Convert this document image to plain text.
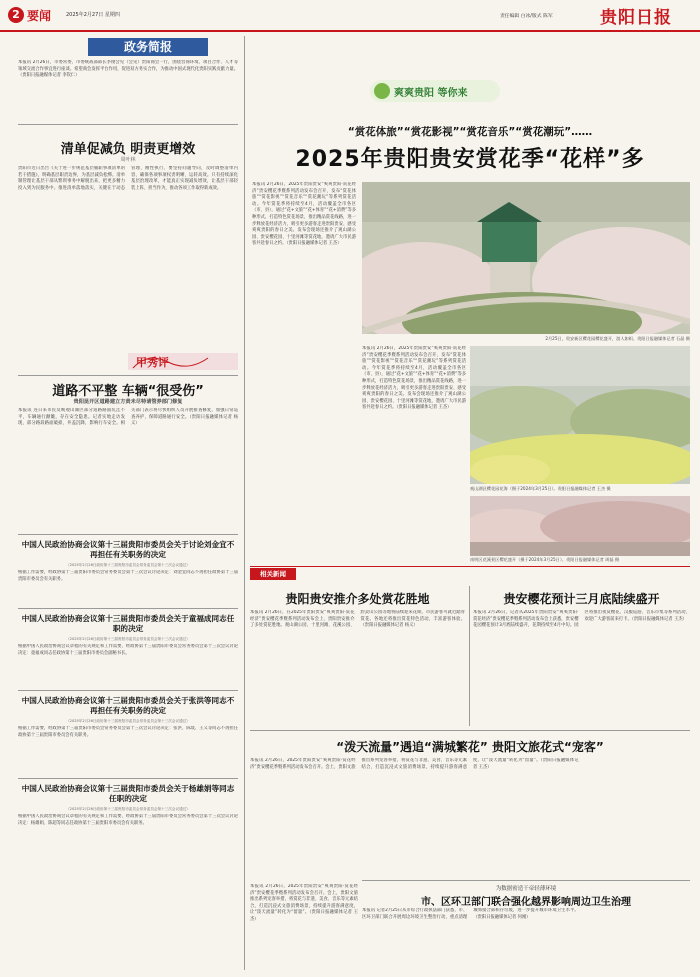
2 要闻	2025年2月27日 星期四	责任编辑 白冰/版式 陈军	贵阳日报
政务简报
本报讯 2月26日，市委常委、市委统战部部长李俊会见（会见）贵阳商会一行，围绕营商环境、项目合作、人才等领域交流合作事宜进行座谈。希望商会发挥平台作用，促进双方务实合作，为推动中国式现代化贵阳实践贡献力量。（贵阳日报融媒体记者 李钦仁）
清单促减负 明责更增效
周叶林
贵阳市近日出台《关于进一步规范基层履职事项清单的若干措施》，明确基层职责边界，为基层减负松绑。清单制管理让基层干部从繁琐事务中解脱出来，把更多精力投入到为民服务中。推进清单落地落实，关键在于动态管理、刚性执行，要坚持问题导向，及时调整清单内容，确保各项事项权责明晰、运转高效。只有持续深化基层治理改革，才能真正实现减负增效，让基层干部轻装上阵、担当作为，推动各项工作取得新成效。
甲秀评
道路不平整 车辆“很受伤”
贵阳昆开区道路建立方责未尽特请管养部门修复
本报讯 连日来市民反映观山湖区部分道路路面坑洼不平，车辆通行颠簸，存在安全隐患。记者实地走访发现，部分路段路面破损、井盖沉降，影响行车安全。相关部门表示将尽快组织人员开展排查修复，加强日常巡查养护，保障道路通行安全。（贵阳日报融媒体记者 杨义）
中国人民政治协商会议第十三届贵阳市委员会关于讨论刘金宜不再担任有关职务的决定
（2025年2月26日政协第十三届贵阳市委员会常务委员会第十三次会议通过）
根据工作需要，经政协第十三届贵阳市委员会常务委员会第十三次会议讨论决定：刘金宜同志不再担任政协第十三届贵阳市委员会有关职务。
中国人民政治协商会议第十三届贵阳市委员会关于童福成同志任职的决定
（2025年2月26日政协第十三届贵阳市委员会常务委员会第十三次会议通过）
根据中国人民政治协商会议章程的有关规定和工作需要，经政协第十三届贵阳市委员会常务委员会第十三次会议讨论决定：童福成同志任政协第十三届贵阳市委员会副秘书长。
中国人民政治协商会议第十三届贵阳市委员会关于张洪等同志不再担任有关职务的决定
（2025年2月26日政协第十三届贵阳市委员会常务委员会第十三次会议通过）
根据工作需要，经政协第十三届贵阳市委员会常务委员会第十三次会议讨论决定：张洪、陈琰、王义等同志不再担任政协第十三届贵阳市委员会有关职务。
中国人民政治协商会议第十三届贵阳市委员会关于杨雄娟等同志任职的决定
（2025年2月26日政协第十三届贵阳市委员会常务委员会第十三次会议通过）
根据中国人民政治协商会议章程的有关规定和工作需要，经政协第十三届贵阳市委员会常务委员会第十三次会议讨论决定：杨雄娟、陈超等同志任政协第十三届贵阳市委员会有关职务。
爽爽贵阳 等你来
“赏花体旅”“赏花影视”“赏花音乐”“赏花潮玩”……
2025年贵阳贵安赏花季“花样”多
本报讯 2月26日，2025年贵阳贵安“爽爽贵阳·赏花经济”贵安樱花季暨系列活动发布会召开，发布“赏花体旅”“赏花影视”“赏花音乐”“赏花潮玩”等系列赏花活动。今年赏花季将持续至4月，活动覆盖全市各区（市、县），通过“花+文旅”“花+体育”“花+消费”等多种形式，打造特色赏花场景，推出精品赏花线路，进一步释放花经济活力，吸引更多游客走进贵阳贵安、感受爽爽贵阳的春日之美。发布会现场还推介了观山湖公园、贵安樱花园、十里河滩等赏花地，邀请广大市民游客共赴春日之约。（贵阳日报融媒体记者 王杰）
2月25日，贵安新区樱花园樱花盛开，游人如织。贵阳日报融媒体记者 石晶 摄
本报讯 2月26日，2025年贵阳贵安“爽爽贵阳·赏花经济”贵安樱花季暨系列活动发布会召开，发布“赏花体旅”“赏花影视”“赏花音乐”“赏花潮玩”等系列赏花活动。今年赏花季将持续至4月，活动覆盖全市各区（市、县），通过“花+文旅”“花+体育”“花+消费”等多种形式，打造特色赏花场景，推出精品赏花线路，进一步释放花经济活力，吸引更多游客走进贵阳贵安、感受爽爽贵阳的春日之美。发布会现场还推介了观山湖公园、贵安樱花园、十里河滩等赏花地，邀请广大市民游客共赴春日之约。（贵阳日报融媒体记者 王杰）
观山湖区樱花园花海（摄于2024年3月25日）。贵阳日报融媒体记者 王杰 摄
南明区花溪景区樱花盛开（摄于2024年3月25日）。贵阳日报融媒体记者 周磊 摄
相关新闻
贵阳贵安推介多处赏花胜地
本报讯 2月26日，在2025年贵阳贵安“爽爽贵阳·赏花经济”贵安樱花季暨系列活动发布会上，贵阳贵安推介了多处赏花胜地。观山湖公园、十里河滩、花溪公园、黔灵山公园等地将陆续迎来花期，市民游客可就近踏青赏花。各地还将推出赏花特色活动，丰富游客体验。（贵阳日报融媒体记者 杨义）
贵安樱花预计三月底陆续盛开
本报讯 2月26日，记者从2025年贵阳贵安“爽爽贵阳·赏花经济”贵安樱花季暨系列活动发布会上获悉，贵安樱花园樱花预计3月底陆续盛开，花期持续至4月中旬。园区将推出夜赏樱花、汉服巡游、音乐市集等系列活动，欢迎广大游客前来打卡。（贵阳日报融媒体记者 王杰）
“泼天流量”遇追“满城繁花” 贵阳文旅花式“宠客”
本报讯 2月26日，2025年贵阳贵安“爽爽贵阳·赏花经济”贵安樱花季暨系列活动发布会召开。会上，贵阳文旅推出系列宠客举措，将赏花与非遗、美食、音乐等元素结合，打造沉浸式文旅消费场景，持续提升游客满意度，让“泼天流量”转化为“留量”。（贵阳日报融媒体记者 王杰）
本报讯 2月26日，2025年贵阳贵安“爽爽贵阳·赏花经济”贵安樱花季暨系列活动发布会召开。会上，贵阳文旅推出系列宠客举措，将赏花与非遗、美食、音乐等元素结合，打造沉浸式文旅消费场景，持续提升游客满意度，让“泼天流量”转化为“留量”。（贵阳日报融媒体记者 王杰）
为数据密造干帝轻薄环境
市、区环卫部门联合强化越界影响周边卫生治理
本报讯 记者2月25日从市综合行政执法部门获悉，市、区环卫部门联合开展周边环境卫生整治行动，重点清理城郊接合部积存垃圾，进一步提升城市环境卫生水平。（贵阳日报融媒体记者 何刚）
